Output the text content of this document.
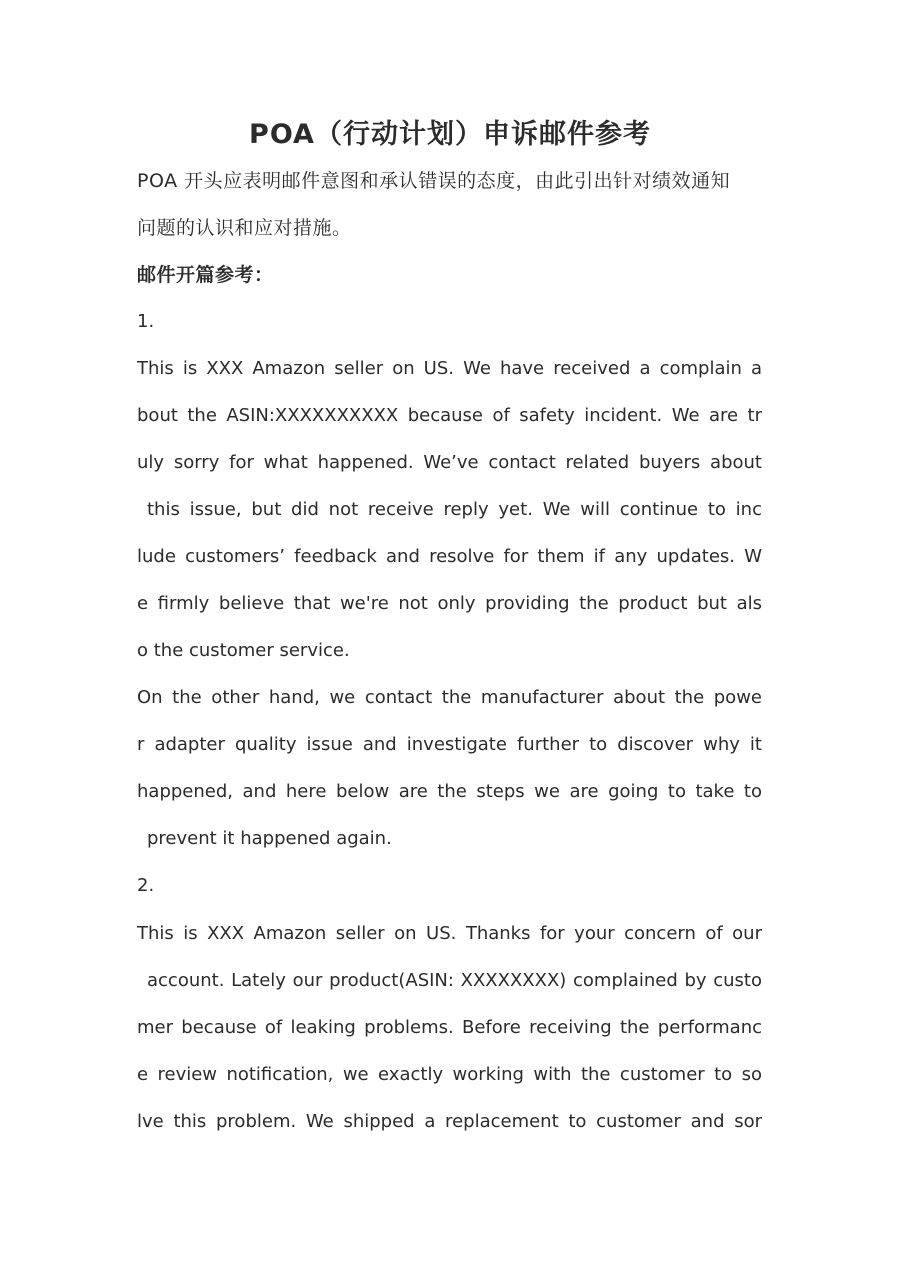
POA（行动计划）申诉邮件参考
POA 开头应表明邮件意图和承认错误的态度，由此引出针对绩效通知
问题的认识和应对措施。
邮件开篇参考：
1.
This is XXX Amazon seller on US. We have received a complain a
bout the ASIN:XXXXXXXXXX because of safety incident. We are tr
uly sorry for what happened. We’ve contact related buyers about
this issue, but did not receive reply yet. We will continue to inc
lude customers’ feedback and resolve for them if any updates. W
e firmly believe that we're not only providing the product but als
o the customer service.
On the other hand, we contact the manufacturer about the powe
r adapter quality issue and investigate further to discover why it
happened, and here below are the steps we are going to take to
prevent it happened again.
2.
This is XXX Amazon seller on US. Thanks for your concern of our
account. Lately our product(ASIN: XXXXXXXX) complained by custo
mer because of leaking problems. Before receiving the performanc
e review notification, we exactly working with the customer to so
lve this problem. We shipped a replacement to customer and sor
